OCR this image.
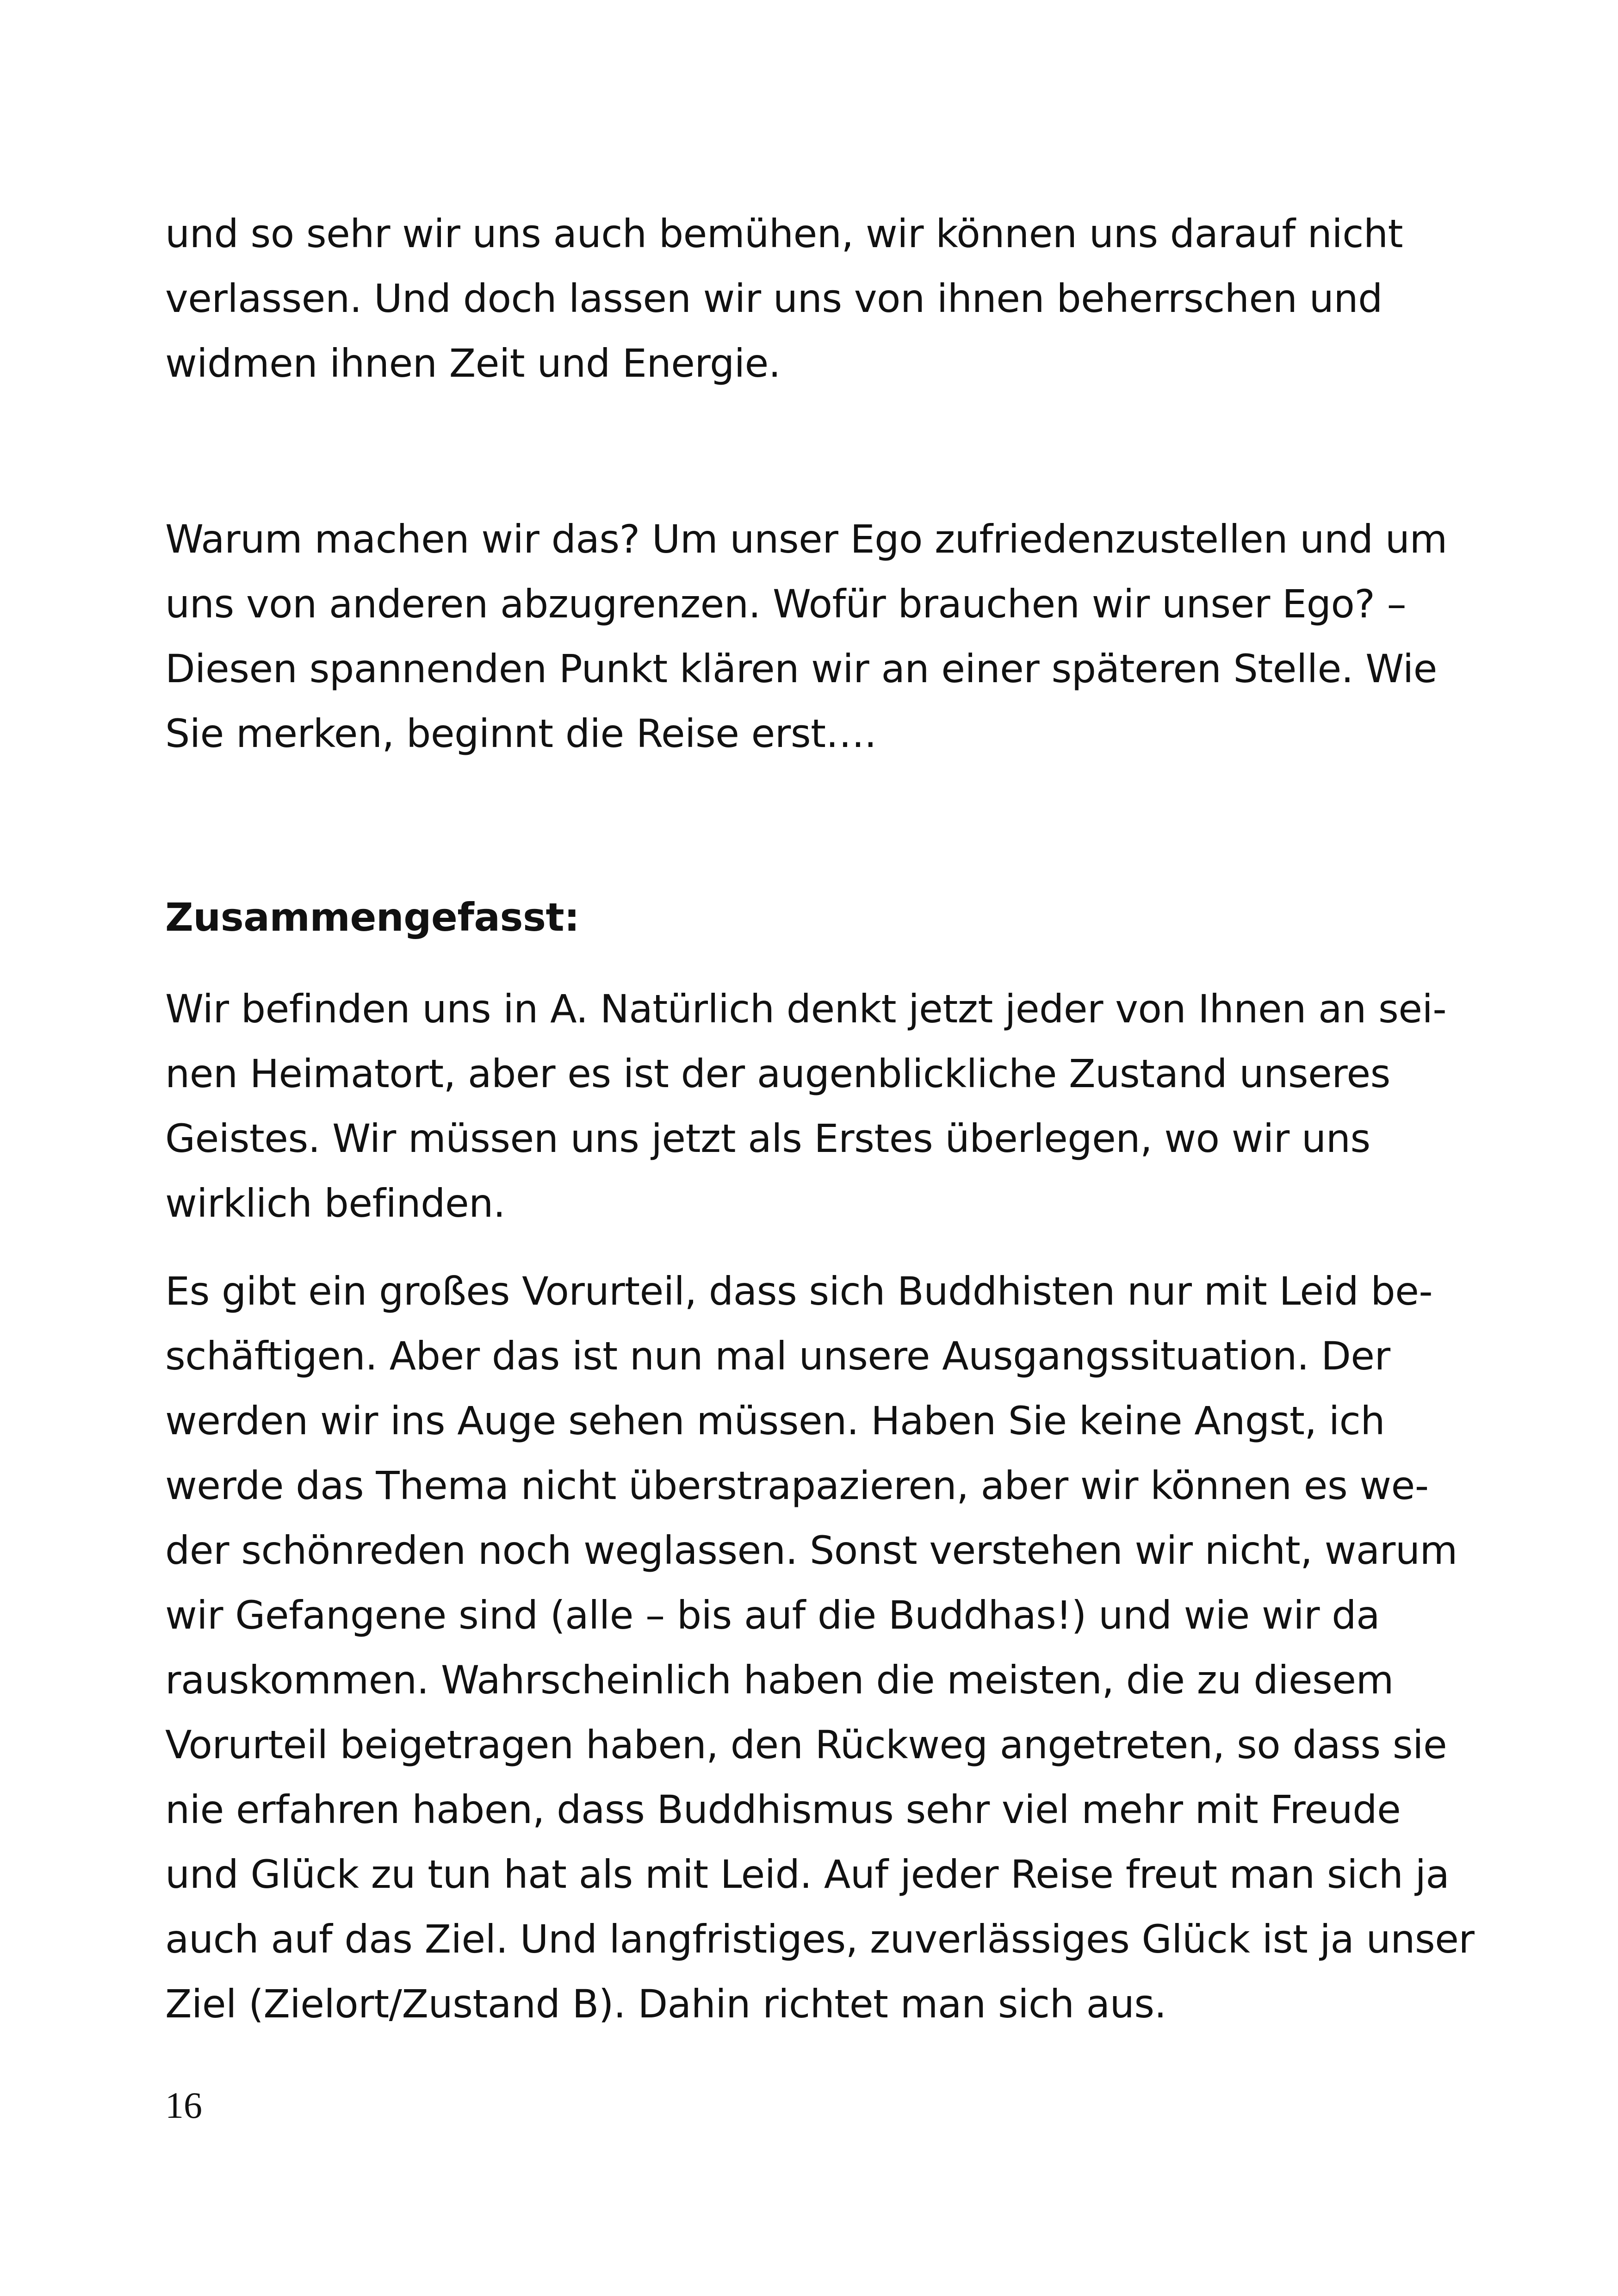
und so sehr wir uns auch bemühen, wir können uns darauf nicht
verlassen. Und doch lassen wir uns von ihnen beherrschen und
widmen ihnen Zeit und Energie.

Warum machen wir das? Um unser Ego zufriedenzustellen und um
uns von anderen abzugrenzen. Wofür brauchen wir unser Ego? –
Diesen spannenden Punkt klären wir an einer späteren Stelle. Wie
Sie merken, beginnt die Reise erst….

Zusammengefasst:

Wir befinden uns in A. Natürlich denkt jetzt jeder von Ihnen an sei-
nen Heimatort, aber es ist der augenblickliche Zustand unseres
Geistes. Wir müssen uns jetzt als Erstes überlegen, wo wir uns
wirklich befinden.

Es gibt ein großes Vorurteil, dass sich Buddhisten nur mit Leid be-
schäftigen. Aber das ist nun mal unsere Ausgangssituation. Der
werden wir ins Auge sehen müssen. Haben Sie keine Angst, ich
werde das Thema nicht überstrapazieren, aber wir können es we-
der schönreden noch weglassen. Sonst verstehen wir nicht, warum
wir Gefangene sind (alle – bis auf die Buddhas!) und wie wir da
rauskommen. Wahrscheinlich haben die meisten, die zu diesem
Vorurteil beigetragen haben, den Rückweg angetreten, so dass sie
nie erfahren haben, dass Buddhismus sehr viel mehr mit Freude
und Glück zu tun hat als mit Leid. Auf jeder Reise freut man sich ja
auch auf das Ziel. Und langfristiges, zuverlässiges Glück ist ja unser
Ziel (Zielort/Zustand B). Dahin richtet man sich aus.

16
